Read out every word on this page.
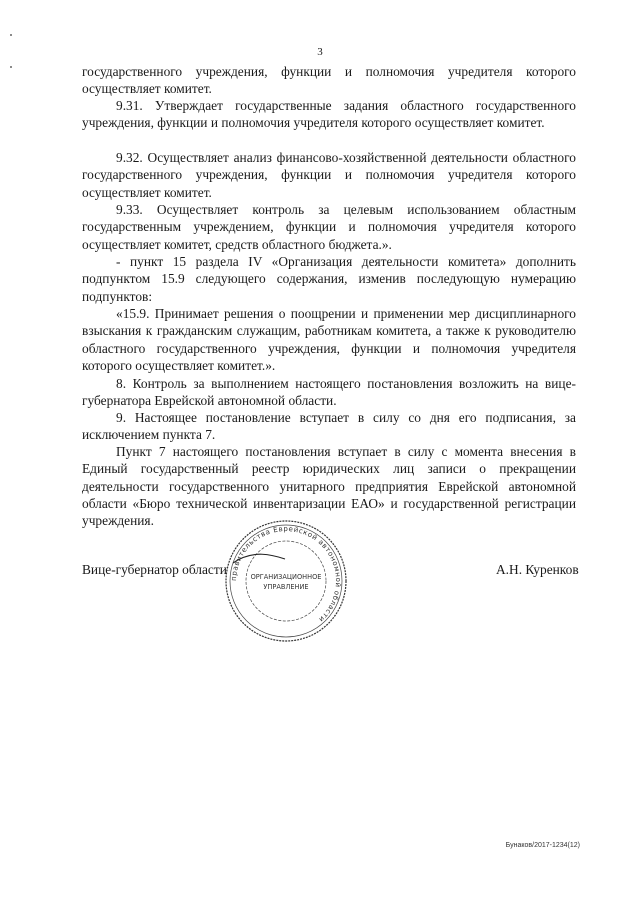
3

государственного учреждения, функции и полномочия учредителя которого осуществляет комитет.

9.31. Утверждает государственные задания областного государственного учреждения, функции и полномочия учредителя которого осуществляет комитет.

9.32. Осуществляет анализ финансово-хозяйственной деятельности областного государственного учреждения, функции и полномочия учредителя которого осуществляет комитет.

9.33. Осуществляет контроль за целевым использованием областным государственным учреждением, функции и полномочия учредителя которого осуществляет комитет, средств областного бюджета.».

- пункт 15 раздела IV «Организация деятельности комитета» дополнить подпунктом 15.9 следующего содержания, изменив последующую нумерацию подпунктов:

«15.9. Принимает решения о поощрении и применении мер дисциплинарного взыскания к гражданским служащим, работникам комитета, а также к руководителю областного государственного учреждения, функции и полномочия учредителя которого осуществляет комитет.».

8. Контроль за выполнением настоящего постановления возложить на вице-губернатора Еврейской автономной области.

9. Настоящее постановление вступает в силу со дня его подписания, за исключением пункта 7.

Пункт 7 настоящего постановления вступает в силу с момента внесения в Единый государственный реестр юридических лиц записи о прекращении деятельности государственного унитарного предприятия Еврейской автономной области «Бюро технической инвентаризации ЕАО» и государственной регистрации учреждения.

Вице-губернатор области	А.Н. Куренков
правительства Еврейской автономной области
ОРГАНИЗАЦИОННОЕ
УПРАВЛЕНИЕ
Бунаков/2017-1234(12)
